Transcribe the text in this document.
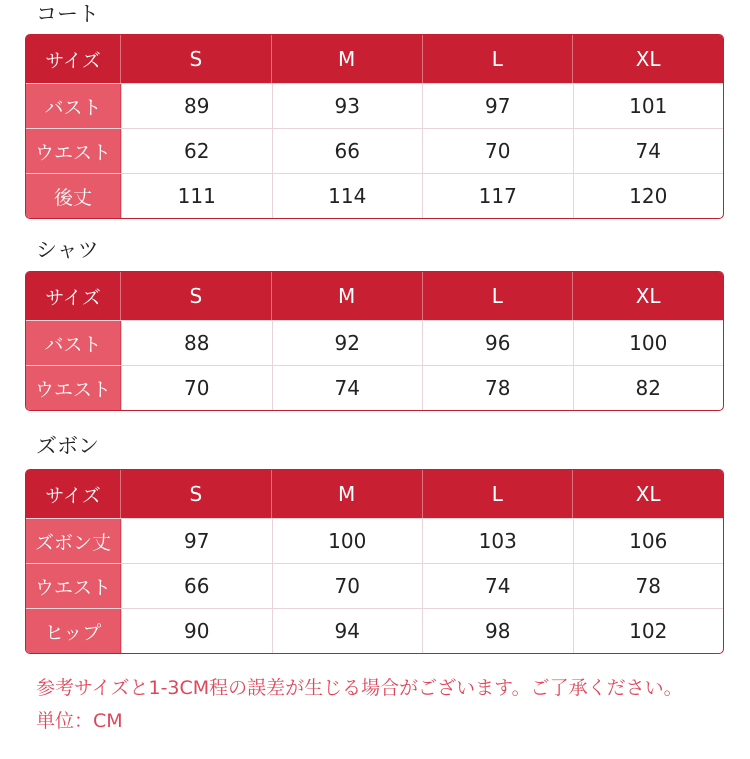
コート
サイズ	S	M	L	XL
バスト	89	93	97	101
ウエスト	62	66	70	74
後丈	111	114	117	120
シャツ
サイズ	S	M	L	XL
バスト	88	92	96	100
ウエスト	70	74	78	82
ズボン
サイズ	S	M	L	XL
ズボン丈	97	100	103	106
ウエスト	66	70	74	78
ヒップ	90	94	98	102
参考サイズと1-3CM程の誤差が生じる場合がございます。ご了承ください。
単位：CM
